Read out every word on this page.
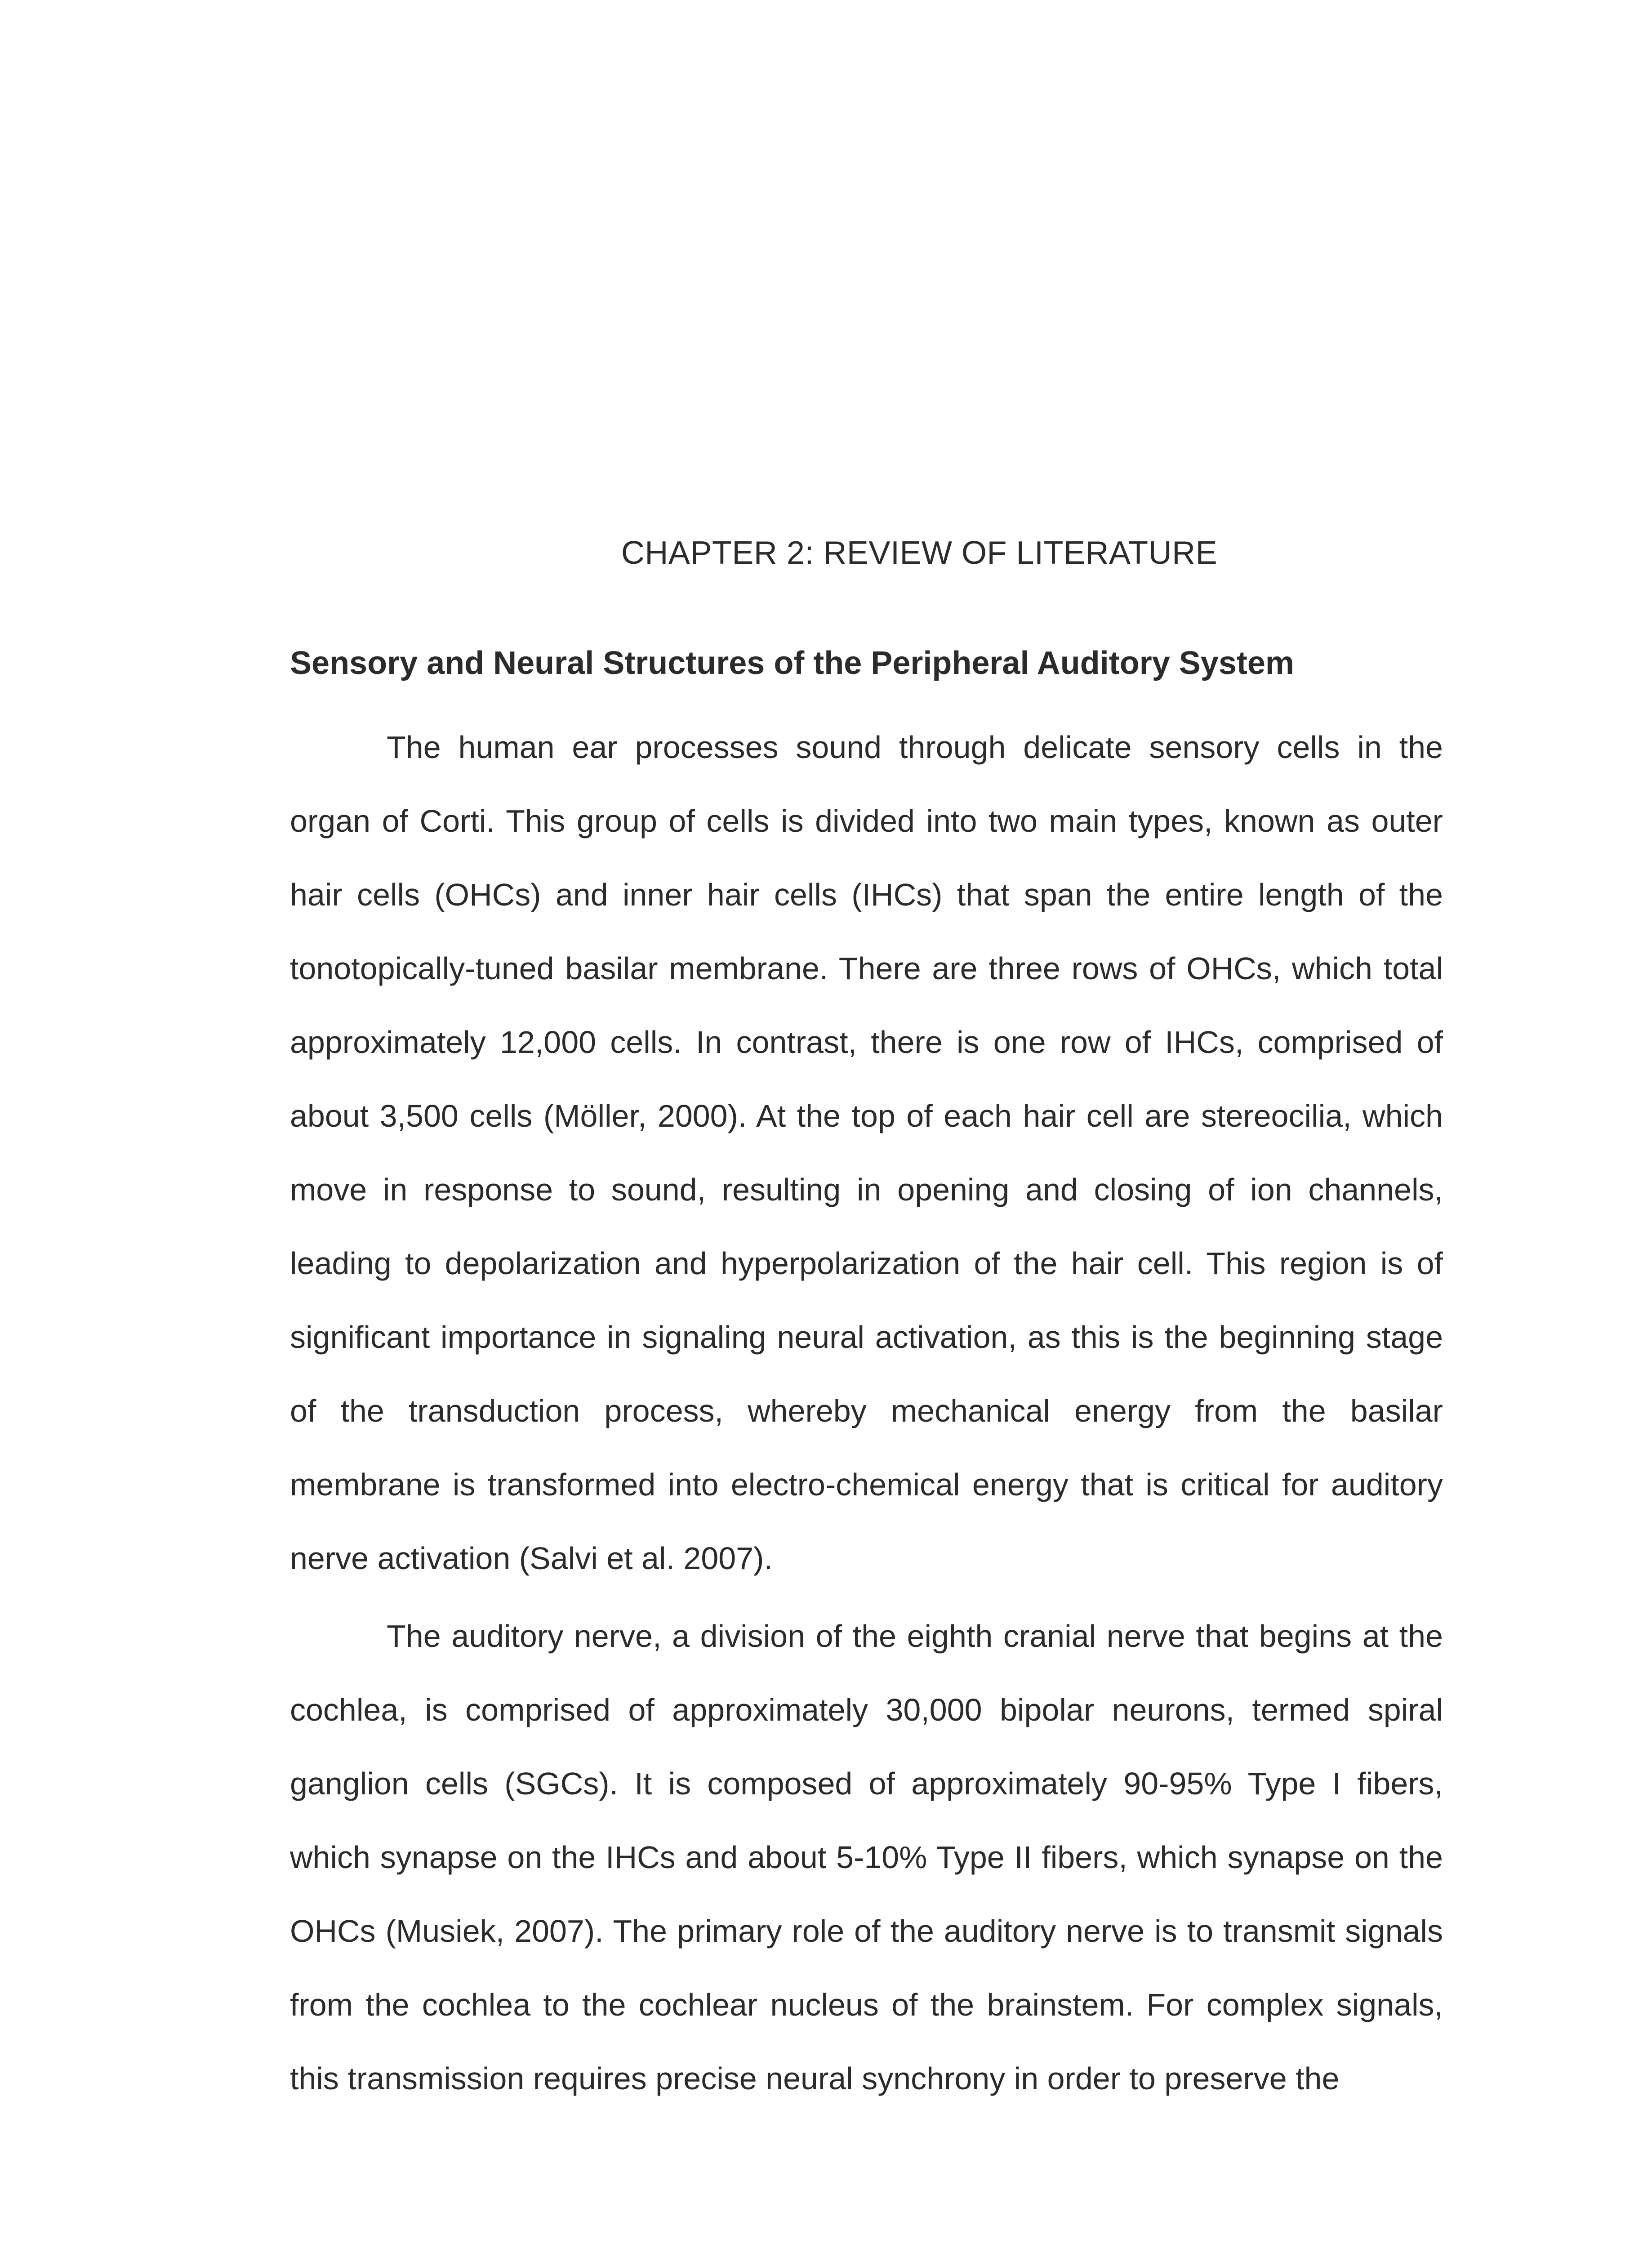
CHAPTER 2: REVIEW OF LITERATURE
Sensory and Neural Structures of the Peripheral Auditory System

The human ear processes sound through delicate sensory cells in the organ of Corti. This group of cells is divided into two main types, known as outer hair cells (OHCs) and inner hair cells (IHCs) that span the entire length of the tonotopically-tuned basilar membrane. There are three rows of OHCs, which total approximately 12,000 cells. In contrast, there is one row of IHCs, comprised of about 3,500 cells (Möller, 2000). At the top of each hair cell are stereocilia, which move in response to sound, resulting in opening and closing of ion channels, leading to depolarization and hyperpolarization of the hair cell. This region is of significant importance in signaling neural activation, as this is the beginning stage of the transduction process, whereby mechanical energy from the basilar membrane is transformed into electro-chemical energy that is critical for auditory nerve activation (Salvi et al. 2007).

The auditory nerve, a division of the eighth cranial nerve that begins at the cochlea, is comprised of approximately 30,000 bipolar neurons, termed spiral ganglion cells (SGCs). It is composed of approximately 90-95% Type I fibers, which synapse on the IHCs and about 5-10% Type II fibers, which synapse on the OHCs (Musiek, 2007). The primary role of the auditory nerve is to transmit signals from the cochlea to the cochlear nucleus of the brainstem. For complex signals, this transmission requires precise neural synchrony in order to preserve the
